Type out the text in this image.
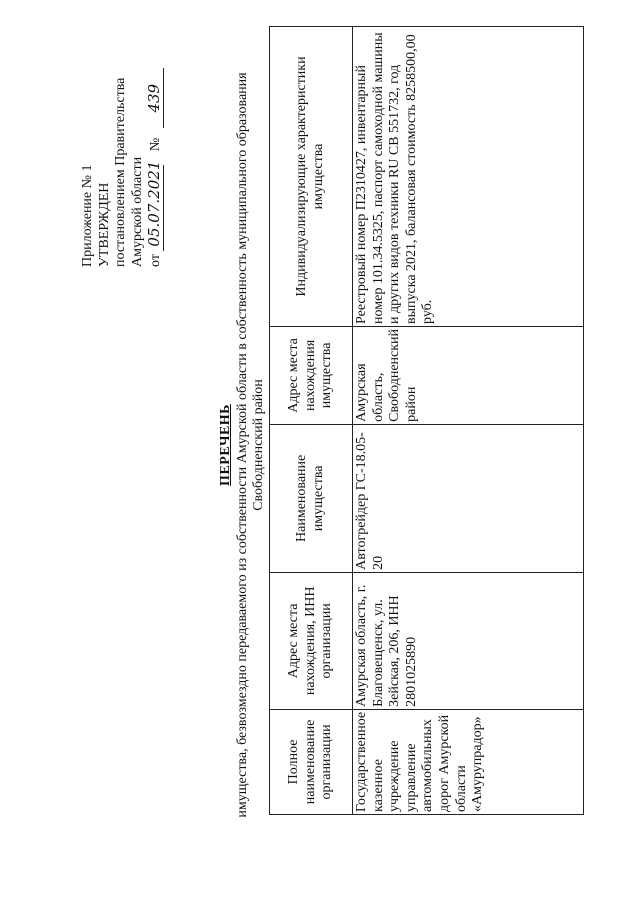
Приложение № 1 УТВЕРЖДЕН постановлением Правительства Амурской области от 05.07.2021 № 439
ПЕРЕЧЕНЬ имущества, безвозмездно передаваемого из собственности Амурской области в собственность муниципального образования Свободненский район
Полное наименование организации	Адрес места нахождения, ИНН организации	Наименование имущества	Адрес места нахождения имущества	Индивидуализирующие характеристики имущества
Государственное казенное учреждение управление автомобильных дорог Амурской области «Амурупрадор»	Амурская область, г. Благовещенск, ул. Зейская, 206, ИНН 2801025890	Автогрейдер ГС-18.05-20	Амурская область, Свободненский район	Реестровый номер П2310427, инвентарный номер 101.34.5325, паспорт самоходной машины и других видов техники RU CB 551732, год выпуска 2021, балансовая стоимость 8258500,00 руб.
